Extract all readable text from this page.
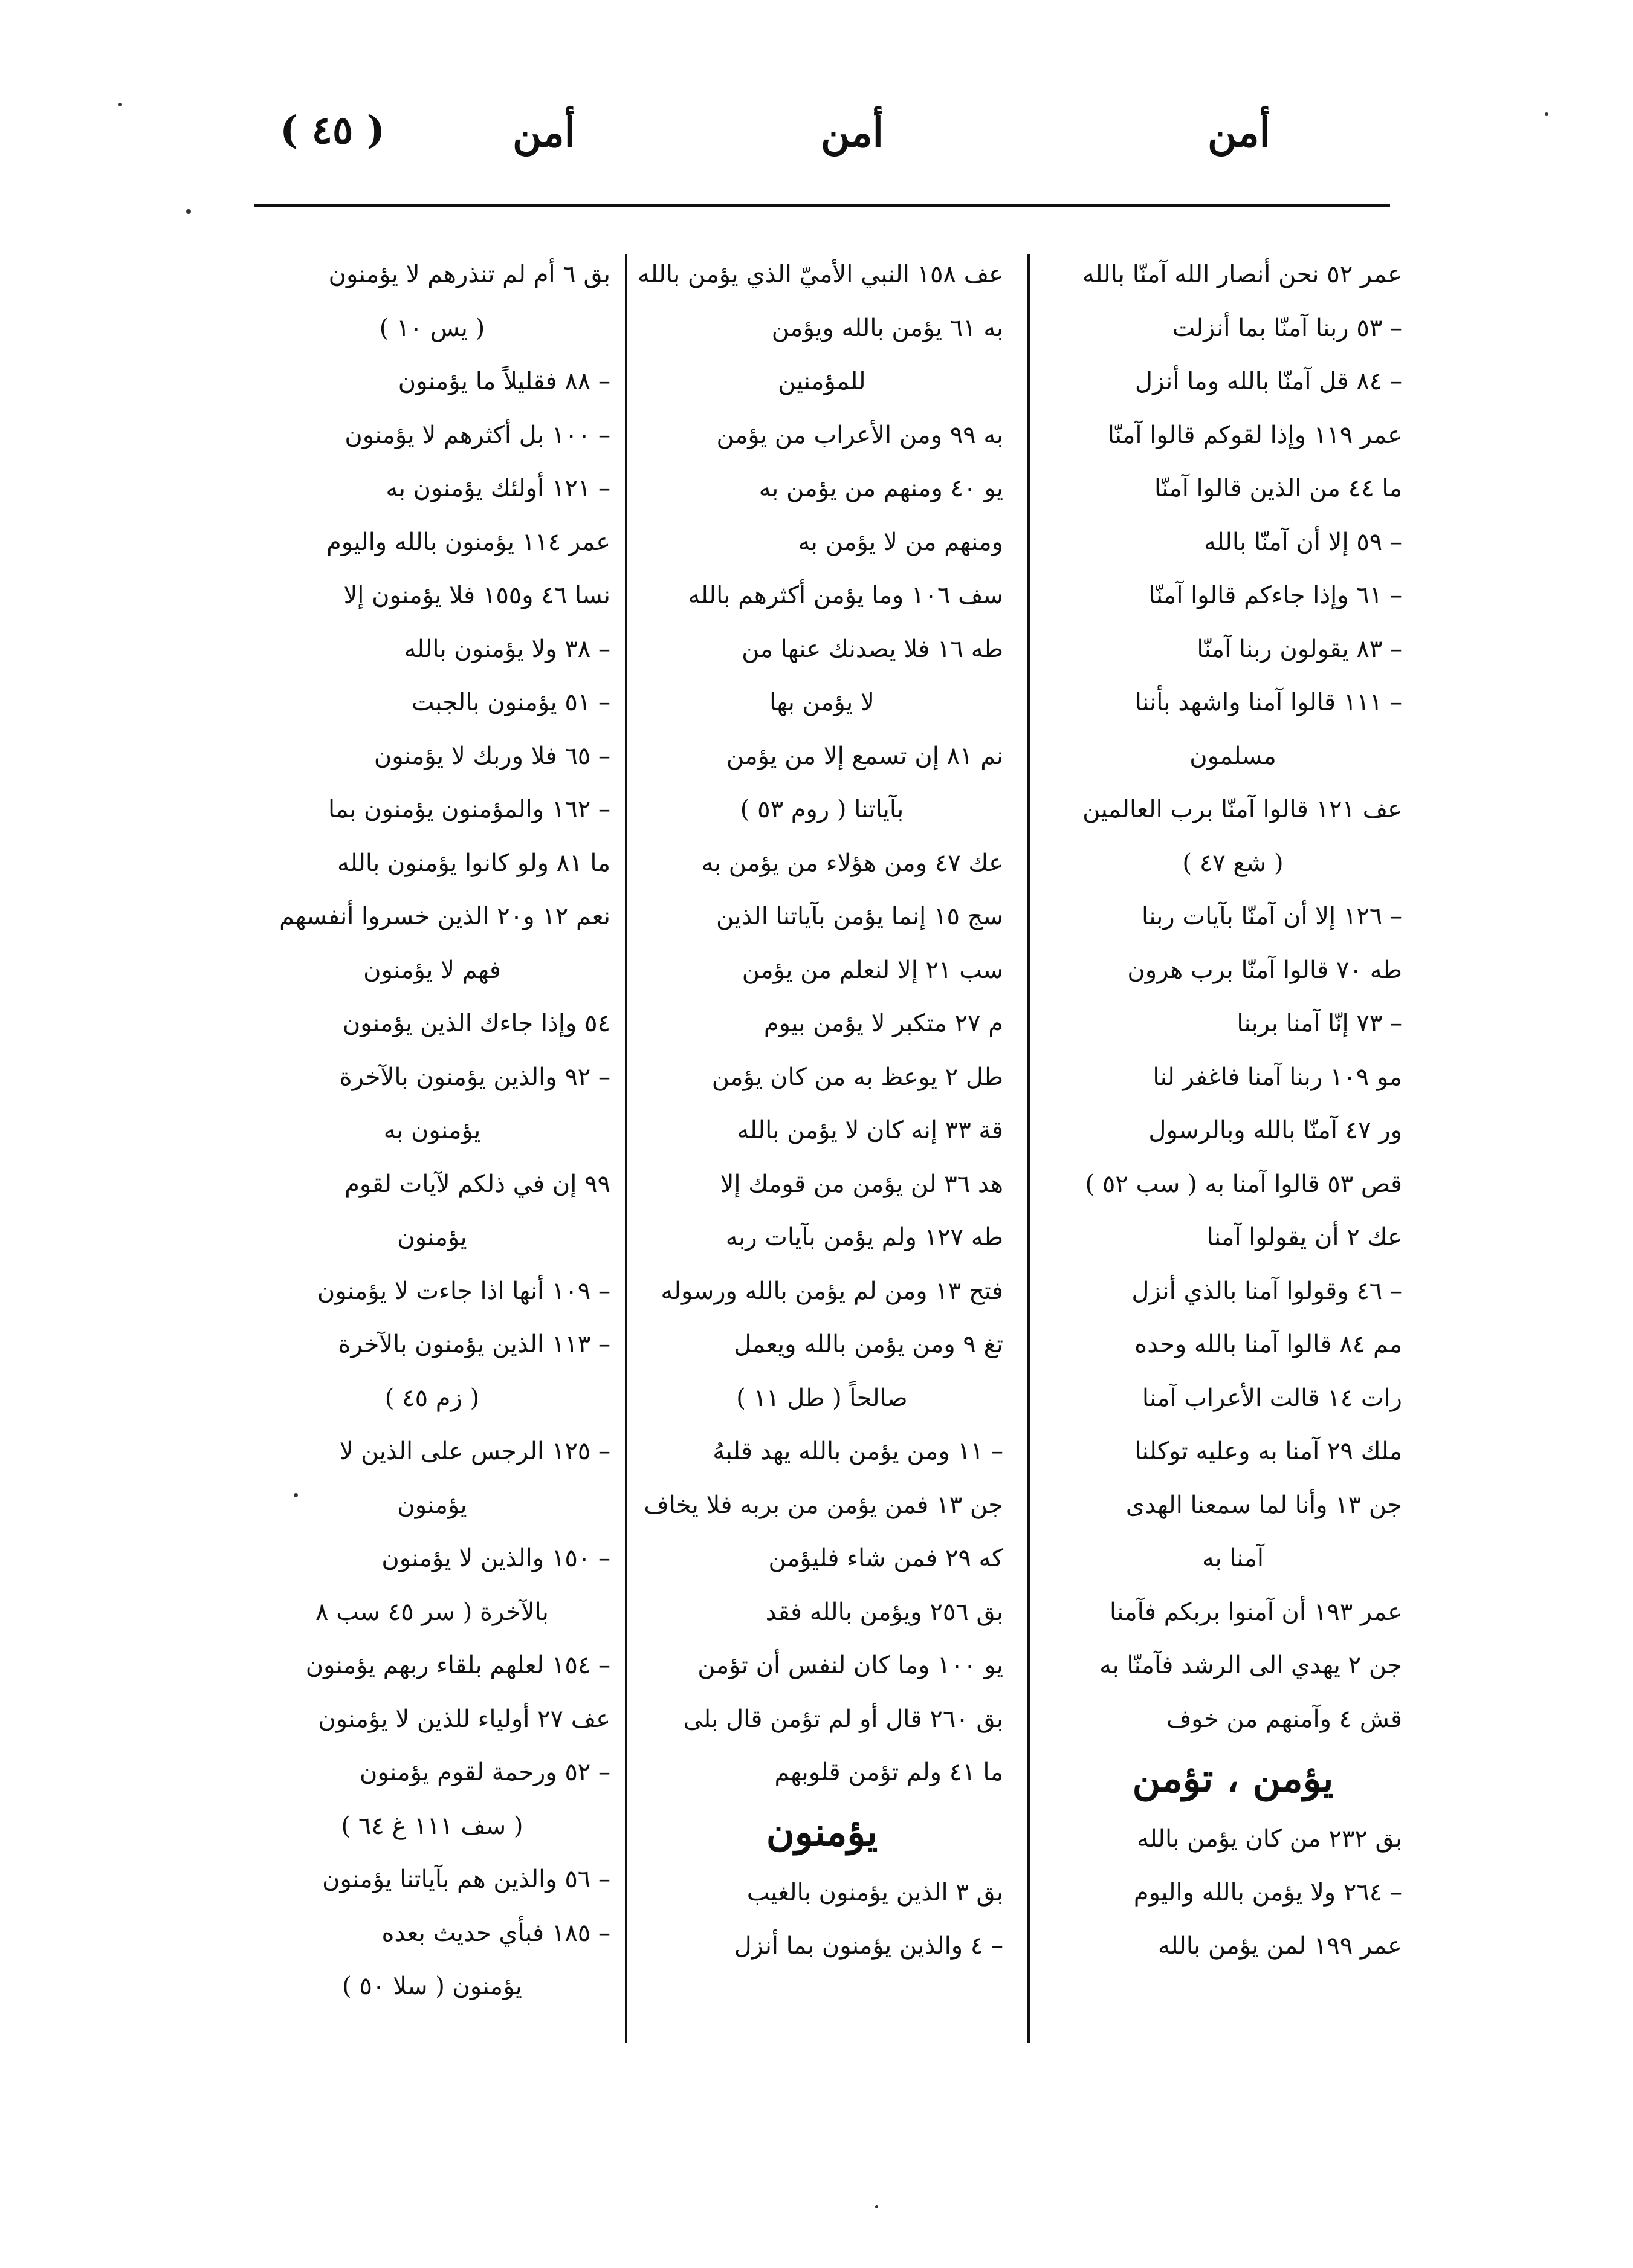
أمن
أمن
أمن
( ٤٥ )
عمر ٥٢ نحن أنصار الله آمنّا بالله
– ٥٣ ربنا آمنّا بما أنزلت
– ٨٤ قل آمنّا بالله وما أنزل
عمر ١١٩ وإذا لقوكم قالوا آمنّا
ما ٤٤ من الذين قالوا آمنّا
– ٥٩ إلا أن آمنّا بالله
– ٦١ وإذا جاءكم قالوا آمنّا
– ٨٣ يقولون ربنا آمنّا
– ١١١ قالوا آمنا واشهد بأننا
مسلمون
عف ١٢١ قالوا آمنّا برب العالمين
( شع ٤٧ )
– ١٢٦ إلا أن آمنّا بآيات ربنا
طه ٧٠ قالوا آمنّا برب هرون
– ٧٣ إنّا آمنا بربنا
مو ١٠٩ ربنا آمنا فاغفر لنا
ور ٤٧ آمنّا بالله وبالرسول
قص ٥٣ قالوا آمنا به ( سب ٥٢ )
عك ٢ أن يقولوا آمنا
– ٤٦ وقولوا آمنا بالذي أنزل
مم ٨٤ قالوا آمنا بالله وحده
رات ١٤ قالت الأعراب آمنا
ملك ٢٩ آمنا به وعليه توكلنا
جن ١٣ وأنا لما سمعنا الهدى
آمنا به
عمر ١٩٣ أن آمنوا بربكم فآمنا
جن ٢ يهدي الى الرشد فآمنّا به
قش ٤ وآمنهم من خوف
يؤمن ، تؤمن
بق ٢٣٢ من كان يؤمن بالله
– ٢٦٤ ولا يؤمن بالله واليوم
عمر ١٩٩ لمن يؤمن بالله
عف ١٥٨ النبي الأميّ الذي يؤمن بالله
به ٦١ يؤمن بالله ويؤمن
للمؤمنين
به ٩٩ ومن الأعراب من يؤمن
يو ٤٠ ومنهم من يؤمن به
ومنهم من لا يؤمن به
سف ١٠٦ وما يؤمن أكثرهم بالله
طه ١٦ فلا يصدنك عنها من
لا يؤمن بها
نم ٨١ إن تسمع إلا من يؤمن
بآياتنا ( روم ٥٣ )
عك ٤٧ ومن هؤلاء من يؤمن به
سج ١٥ إنما يؤمن بآياتنا الذين
سب ٢١ إلا لنعلم من يؤمن
م ٢٧ متكبر لا يؤمن بيوم
طل ٢ يوعظ به من كان يؤمن
قة ٣٣ إنه كان لا يؤمن بالله
هد ٣٦ لن يؤمن من قومك إلا
طه ١٢٧ ولم يؤمن بآيات ربه
فتح ١٣ ومن لم يؤمن بالله ورسوله
تغ ٩ ومن يؤمن بالله ويعمل
صالحاً ( طل ١١ )
– ١١ ومن يؤمن بالله يهد قلبهُ
جن ١٣ فمن يؤمن من بربه فلا يخاف
كه ٢٩ فمن شاء فليؤمن
بق ٢٥٦ ويؤمن بالله فقد
يو ١٠٠ وما كان لنفس أن تؤمن
بق ٢٦٠ قال أو لم تؤمن قال بلى
ما ٤١ ولم تؤمن قلوبهم
يؤمنون
بق ٣ الذين يؤمنون بالغيب
– ٤ والذين يؤمنون بما أنزل
بق ٦ أم لم تنذرهم لا يؤمنون
( يس ١٠ )
– ٨٨ فقليلاً ما يؤمنون
– ١٠٠ بل أكثرهم لا يؤمنون
– ١٢١ أولئك يؤمنون به
عمر ١١٤ يؤمنون بالله واليوم
نسا ٤٦ و١٥٥ فلا يؤمنون إلا
– ٣٨ ولا يؤمنون بالله
– ٥١ يؤمنون بالجبت
– ٦٥ فلا وربك لا يؤمنون
– ١٦٢ والمؤمنون يؤمنون بما
ما ٨١ ولو كانوا يؤمنون بالله
نعم ١٢ و٢٠ الذين خسروا أنفسهم
فهم لا يؤمنون
٥٤ وإذا جاءك الذين يؤمنون
– ٩٢ والذين يؤمنون بالآخرة
يؤمنون به
٩٩ إن في ذلكم لآيات لقوم
يؤمنون
– ١٠٩ أنها اذا جاءت لا يؤمنون
– ١١٣ الذين يؤمنون بالآخرة
( زم ٤٥ )
– ١٢٥ الرجس على الذين لا
يؤمنون
– ١٥٠ والذين لا يؤمنون
بالآخرة ( سر ٤٥ سب ٨
– ١٥٤ لعلهم بلقاء ربهم يؤمنون
عف ٢٧ أولياء للذين لا يؤمنون
– ٥٢ ورحمة لقوم يؤمنون
( سف ١١١ غ ٦٤ )
– ٥٦ والذين هم بآياتنا يؤمنون
– ١٨٥ فبأي حديث بعده
يؤمنون ( سلا ٥٠ )
